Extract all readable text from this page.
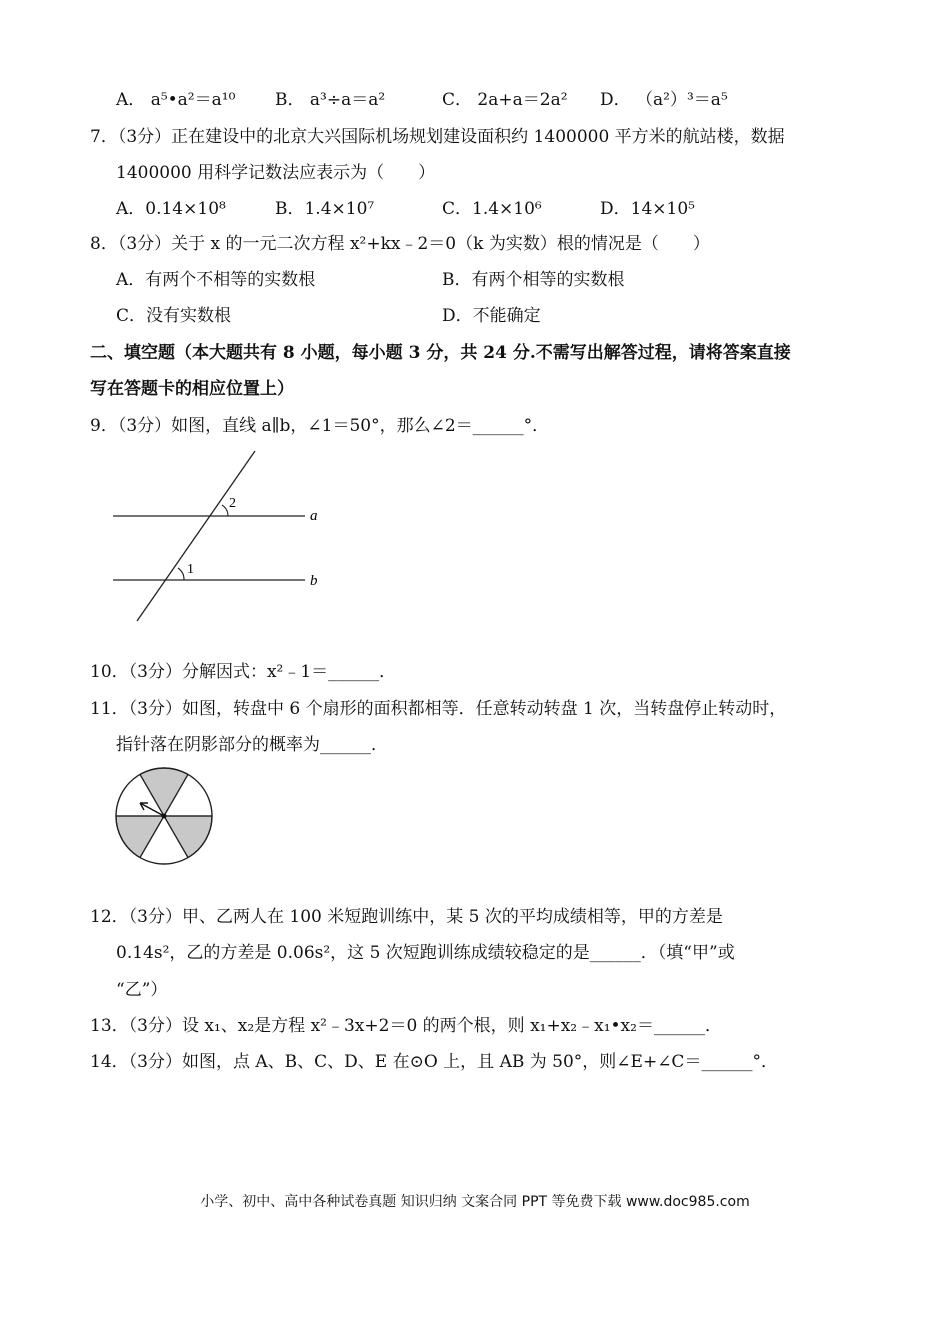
A． a⁵•a²＝a¹⁰ B． a³÷a＝a²	C． 2a+a＝2a² D． （a²）³＝a⁵
7．（3分）正在建设中的北京大兴国际机场规划建设面积约 1400000 平方米的航站楼，数据
1400000 用科学记数法应表示为（　　）
A．0.14×10⁸	B．1.4×10⁷	C．1.4×10⁶	D．14×10⁵
8．（3分）关于 x 的一元二次方程 x²+kx﹣2＝0（k 为实数）根的情况是（　　）
A．有两个不相等的实数根	B．有两个相等的实数根
C．没有实数根	D．不能确定
二、填空题（本大题共有 8 小题，每小题 3 分，共 24 分.不需写出解答过程，请将答案直接
写在答题卡的相应位置上）
9．（3分）如图，直线 a∥b，∠1＝50°，那么∠2＝______°．
2
1
a
b
10．（3分）分解因式：x²﹣1＝______．
11．（3分）如图，转盘中 6 个扇形的面积都相等．任意转动转盘 1 次，当转盘停止转动时，
指针落在阴影部分的概率为______．
12．（3分）甲、乙两人在 100 米短跑训练中，某 5 次的平均成绩相等，甲的方差是
0.14s²，乙的方差是 0.06s²，这 5 次短跑训练成绩较稳定的是______．（填“甲”或
“乙”）
13．（3分）设 x₁、x₂是方程 x²﹣3x+2＝0 的两个根，则 x₁+x₂﹣x₁•x₂＝______．
14．（3分）如图，点 A、B、C、D、E 在⊙O 上，且 AB 为 50°，则∠E+∠C＝______°．
小学、初中、高中各种试卷真题 知识归纳 文案合同 PPT 等免费下载 www.doc985.com
